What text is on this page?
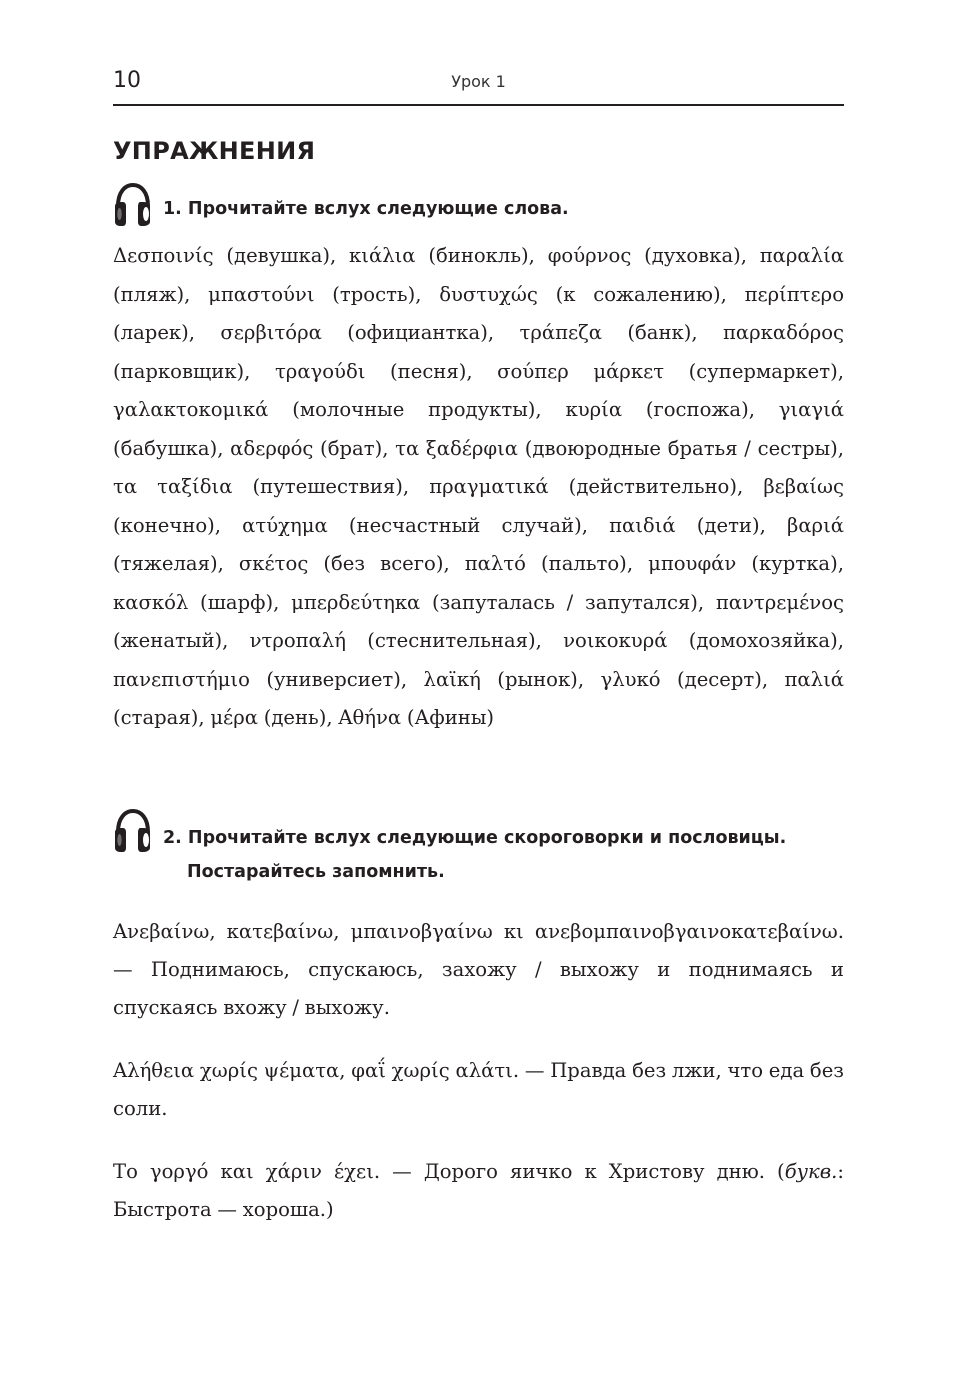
10	Урок 1
УПРАЖНЕНИЯ
1. Прочитайте вслух следующие слова.

Δεσποινίς (девушка), κιάλια (бинокль), φούρνος (духовка), παραλία (пляж), μπαστούνι (трость), δυστυχώς (к сожалению), περίπτερο (ларек), σερβιτόρα (официантка), τράπεζα (банк), παρκαδόρος (парковщик), τραγούδι (песня), σούπερ μάρκετ (супермаркет), γαλακτοκομικά (молочные продукты), κυρία (госпожа), γιαγιά (бабушка), αδερφός (брат), τα ξαδέρφια (двоюродные братья / сестры), τα ταξίδια (путешествия), πραγματικά (действительно), βεβαίως (конечно), ατύχημα (несчастный случай), παιδιά (дети), βαριά (тяжелая), σκέτος (без всего), παλτό (пальто), μπουφάν (куртка), κασκόλ (шарф), μπερδεύτηκα (запуталась / запутался), παντρεμένος (женатый), ντροπαλή (стеснительная), νοικοκυρά (домохозяйка), πανεπιστήμιο (универсиет), λαϊκή (рынок), γλυκό (десерт), παλιά (старая), μέρα (день), Αθήνα (Афины)

2. Прочитайте вслух следующие скороговорки и пословицы.
Постарайтесь запомнить.

Ανεβαίνω, κατεβαίνω, μπαινοβγαίνω κι ανεβομπαινοβγαινοκατεβαίνω. — Поднимаюсь, спускаюсь, захожу / выхожу и поднимаясь и спускаясь вхожу / выхожу.

Αλήθεια χωρίς ψέματα, φαΐ χωρίς αλάτι. — Правда без лжи, что еда без соли.

Το γοργό και χάριν έχει. — Дорого яичко к Христову дню. (букв.: Быстрота — хороша.)
